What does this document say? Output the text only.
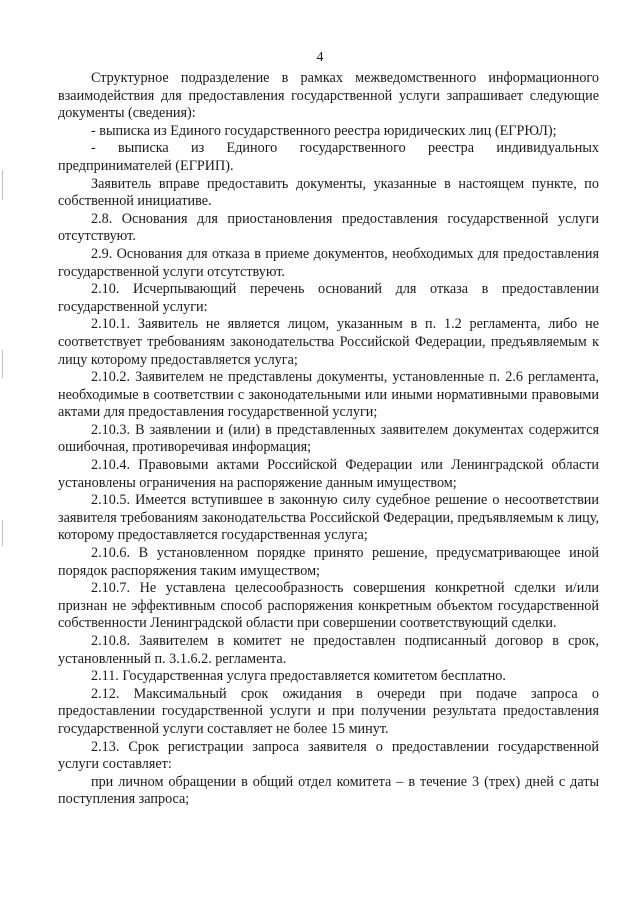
4

Структурное подразделение в рамках межведомственного информационного взаимодействия для предоставления государственной услуги запрашивает следующие документы (сведения):

- выписка из Единого государственного реестра юридических лиц (ЕГРЮЛ);

- выписка из Единого государственного реестра индивидуальных предпринимателей (ЕГРИП).

Заявитель вправе предоставить документы, указанные в настоящем пункте, по собственной инициативе.

2.8. Основания для приостановления предоставления государственной услуги отсутствуют.

2.9. Основания для отказа в приеме документов, необходимых для предоставления государственной услуги отсутствуют.

2.10. Исчерпывающий перечень оснований для отказа в предоставлении государственной услуги:

2.10.1. Заявитель не является лицом, указанным в п. 1.2 регламента, либо не соответствует требованиям законодательства Российской Федерации, предъявляемым к лицу которому предоставляется услуга;

2.10.2. Заявителем не представлены документы, установленные п. 2.6 регламента, необходимые в соответствии с законодательными или иными нормативными правовыми актами для предоставления государственной услуги;

2.10.3. В заявлении и (или) в представленных заявителем документах содержится ошибочная, противоречивая информация;

2.10.4. Правовыми актами Российской Федерации или Ленинградской области установлены ограничения на распоряжение данным имуществом;

2.10.5. Имеется вступившее в законную силу судебное решение о несоответствии заявителя требованиям законодательства Российской Федерации, предъявляемым к лицу, которому предоставляется государственная услуга;

2.10.6. В установленном порядке принято решение, предусматривающее иной порядок распоряжения таким имуществом;

2.10.7. Не уставлена целесообразность совершения конкретной сделки и/или признан не эффективным способ распоряжения конкретным объектом государственной собственности Ленинградской области при совершении соответствующий сделки.

2.10.8. Заявителем в комитет не предоставлен подписанный договор в срок, установленный п. 3.1.6.2. регламента.

2.11. Государственная услуга предоставляется комитетом бесплатно.

2.12. Максимальный срок ожидания в очереди при подаче запроса о предоставлении государственной услуги и при получении результата предоставления государственной услуги составляет не более 15 минут.

2.13. Срок регистрации запроса заявителя о предоставлении государственной услуги составляет:

при личном обращении в общий отдел комитета – в течение 3 (трех) дней с даты поступления запроса;
